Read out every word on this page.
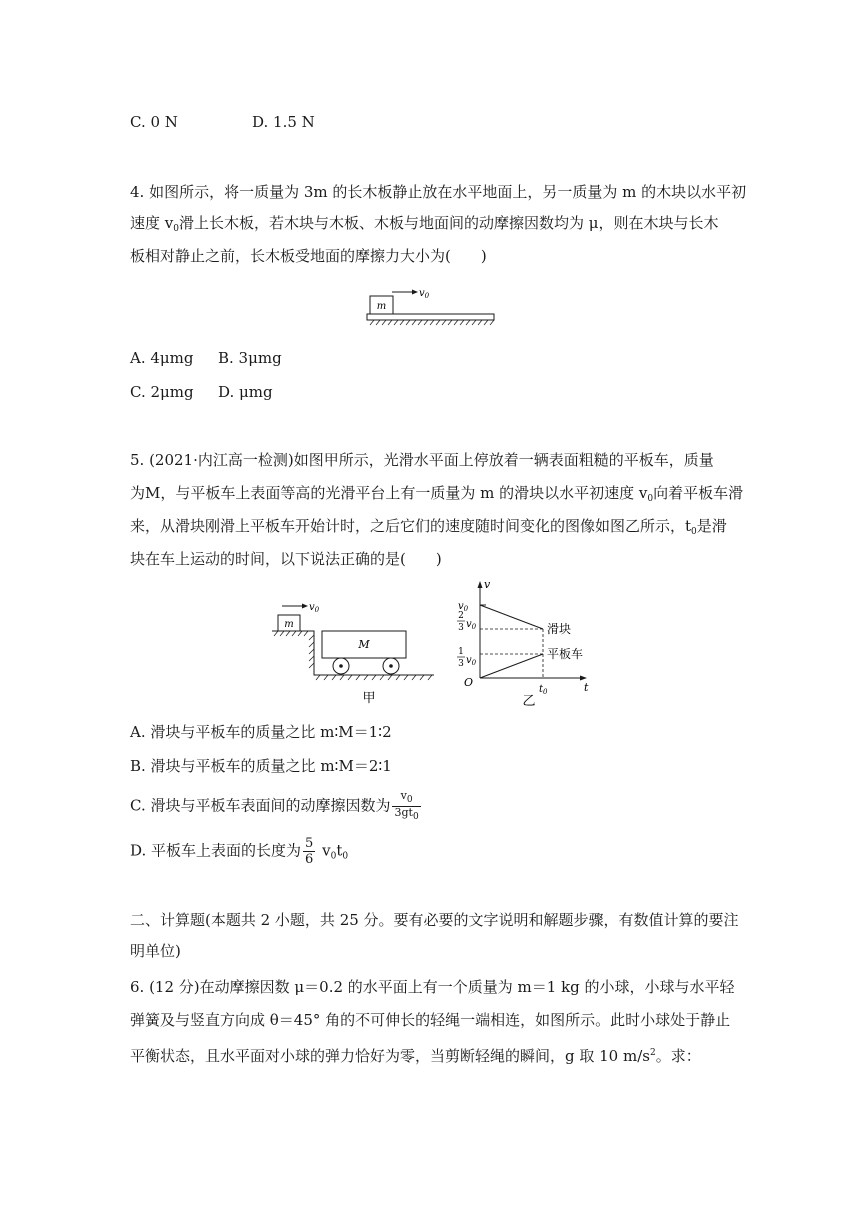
C. 0 N	D. 1.5 N
4. 如图所示，将一质量为 3m 的长木板静止放在水平地面上，另一质量为 m 的木块以水平初
速度 $v_0$滑上长木板，若木块与木板、木板与地面间的动摩擦因数均为 μ，则在木块与长木
板相对静止之前，长木板受地面的摩擦力大小为(　　)
$v_0$
m
A. 4μmg B. 3μmg
C. 2μmg D. μmg
5. (2021·内江高一检测)如图甲所示，光滑水平面上停放着一辆表面粗糙的平板车，质量
为M，与平板车上表面等高的光滑平台上有一质量为 m 的滑块以水平初速度 $v_0$向着平板车滑
来，从滑块刚滑上平板车开始计时，之后它们的速度随时间变化的图像如图乙所示，$t_0$是滑
块在车上运动的时间，以下说法正确的是(　　)
$v_0$
m
M
甲
v
t
O
$v_0$
2
3 $v_0$
1
3 $v_0$
滑块
平板车
$t_0$
乙
A. 滑块与平板车的质量之比 m∶M＝1∶2
B. 滑块与平板车的质量之比 m∶M＝2∶1
C. 滑块与平板车表面间的动摩擦因数为 $\frac{v_0}{3gt_0}$
D. 平板车上表面的长度为 $\frac{5}{6} v_0t_0$
二、计算题(本题共 2 小题，共 25 分。要有必要的文字说明和解题步骤，有数值计算的要注
明单位)
6. (12 分)在动摩擦因数 μ＝0.2 的水平面上有一个质量为 m＝1 kg 的小球，小球与水平轻
弹簧及与竖直方向成 θ＝45° 角的不可伸长的轻绳一端相连，如图所示。此时小球处于静止
平衡状态，且水平面对小球的弹力恰好为零，当剪断轻绳的瞬间，g 取 10 $m/s^2$。求：
